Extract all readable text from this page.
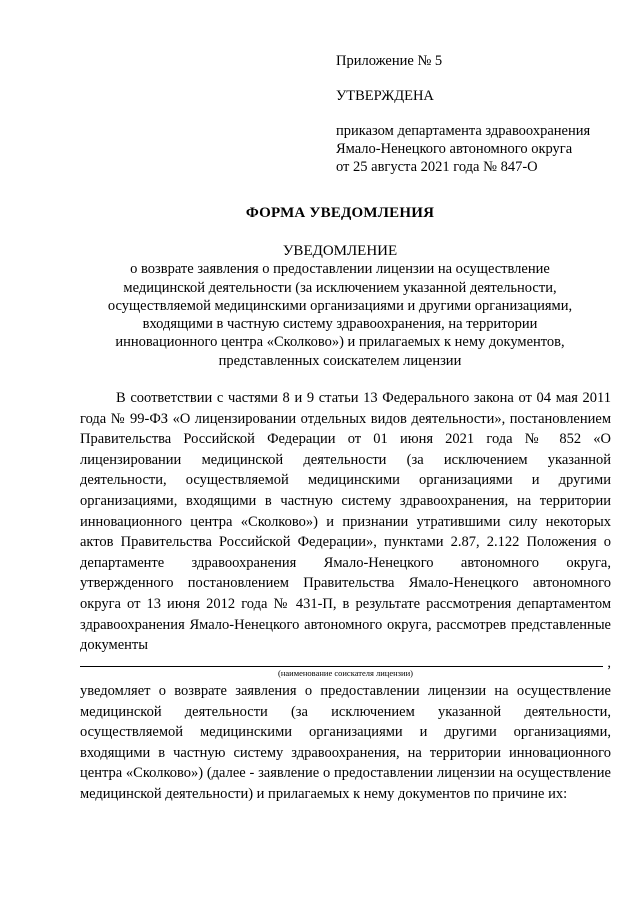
Приложение № 5
УТВЕРЖДЕНА
приказом департамента здравоохранения
Ямало-Ненецкого автономного округа
от 25 августа 2021 года № 847-О
ФОРМА УВЕДОМЛЕНИЯ
УВЕДОМЛЕНИЕ
о возврате заявления о предоставлении лицензии на осуществление
медицинской деятельности (за исключением указанной деятельности,
осуществляемой медицинскими организациями и другими организациями,
входящими в частную систему здравоохранения, на территории
инновационного центра «Сколково») и прилагаемых к нему документов,
представленных соискателем лицензии
В соответствии с частями 8 и 9 статьи 13 Федерального закона от 04 мая 2011 года № 99-ФЗ «О лицензировании отдельных видов деятельности», постановлением Правительства Российской Федерации от 01 июня 2021 года № 852 «О лицензировании медицинской деятельности (за исключением указанной деятельности, осуществляемой медицинскими организациями и другими организациями, входящими в частную систему здравоохранения, на территории инновационного центра «Сколково») и признании утратившими силу некоторых актов Правительства Российской Федерации», пунктами 2.87, 2.122 Положения о департаменте здравоохранения Ямало-Ненецкого автономного округа, утвержденного постановлением Правительства Ямало-Ненецкого автономного округа от 13 июня 2012 года № 431-П, в результате рассмотрения департаментом здравоохранения Ямало-Ненецкого автономного округа, рассмотрев представленные документы
,
(наименование соискателя лицензии)
уведомляет о возврате заявления о предоставлении лицензии на осуществление медицинской деятельности (за исключением указанной деятельности, осуществляемой медицинскими организациями и другими организациями, входящими в частную систему здравоохранения, на территории инновационного центра «Сколково») (далее - заявление о предоставлении лицензии на осуществление медицинской деятельности) и прилагаемых к нему документов по причине их:
